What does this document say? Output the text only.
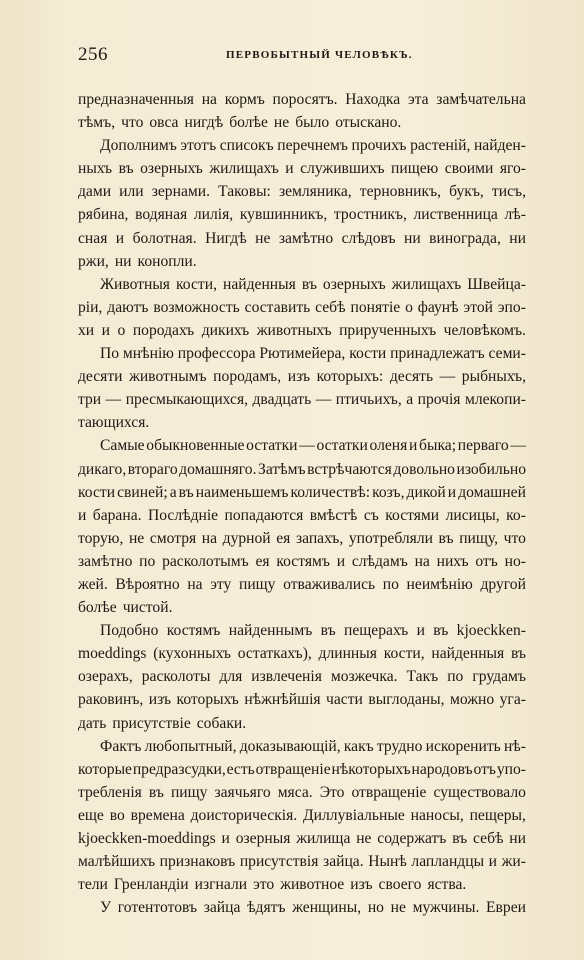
256	ПЕРВОБЫТНЫЙ ЧЕЛОВѢКЪ.
предназначенныя на кормъ поросятъ. Находка эта замѣчательна
тѣмъ, что овса нигдѣ болѣе не было отыскано.
Дополнимъ этотъ списокъ перечнемъ прочихъ растеній, найден-
ныхъ въ озерныхъ жилищахъ и служившихъ пищею своими яго-
дами или зернами. Таковы: земляника, терновникъ, букъ, тисъ,
рябина, водяная лилія, кувшинникъ, тростникъ, лиственница лѣ-
сная и болотная. Нигдѣ не замѣтно слѣдовъ ни винограда, ни
ржи, ни конопли.
Животныя кости, найденныя въ озерныхъ жилищахъ Швейца-
ріи, даютъ возможность составить себѣ понятіе о фаунѣ этой эпо-
хи и о породахъ дикихъ животныхъ прирученныхъ человѣкомъ.
По мнѣнію профессора Рютимейера, кости принадлежатъ семи-
десяти животнымъ породамъ, изъ которыхъ: десять — рыбныхъ,
три — пресмыкающихся, двадцать — птичьихъ, а прочія млекопи-
тающихся.
Самые обыкновенные остатки — остатки оленя и быка; перваго —
дикаго, втораго домашняго. Затѣмъ встрѣчаются довольно изобильно
кости свиней; а въ наименьшемъ количествѣ: козъ, дикой и домашней
и барана. Послѣдніе попадаются вмѣстѣ съ костями лисицы, ко-
торую, не смотря на дурной ея запахъ, употребляли въ пищу, что
замѣтно по расколотымъ ея костямъ и слѣдамъ на нихъ отъ но-
жей. Вѣроятно на эту пищу отваживались по неимѣнію другой
болѣе чистой.
Подобно костямъ найденнымъ въ пещерахъ и въ kjoeckken-
moeddings (кухонныхъ остаткахъ), длинныя кости, найденныя въ
озерахъ, расколоты для извлеченія мозжечка. Такъ по грудамъ
раковинъ, изъ которыхъ нѣжнѣйшія части выглоданы, можно уга-
дать присутствіе собаки.
Фактъ любопытный, доказывающій, какъ трудно искоренить нѣ-
которые предразсудки, есть отвращеніе нѣкоторыхъ народовъ отъ упо-
требленія въ пищу заячьяго мяса. Это отвращеніе существовало
еще во времена доисторическія. Диллувіальные наносы, пещеры,
kjoeckken-moeddings и озерныя жилища не содержатъ въ себѣ ни
малѣйшихъ признаковъ присутствія зайца. Нынѣ лапландцы и жи-
тели Гренландіи изгнали это животное изъ своего яства.
У готентотовъ зайца ѣдятъ женщины, но не мужчины. Евреи
